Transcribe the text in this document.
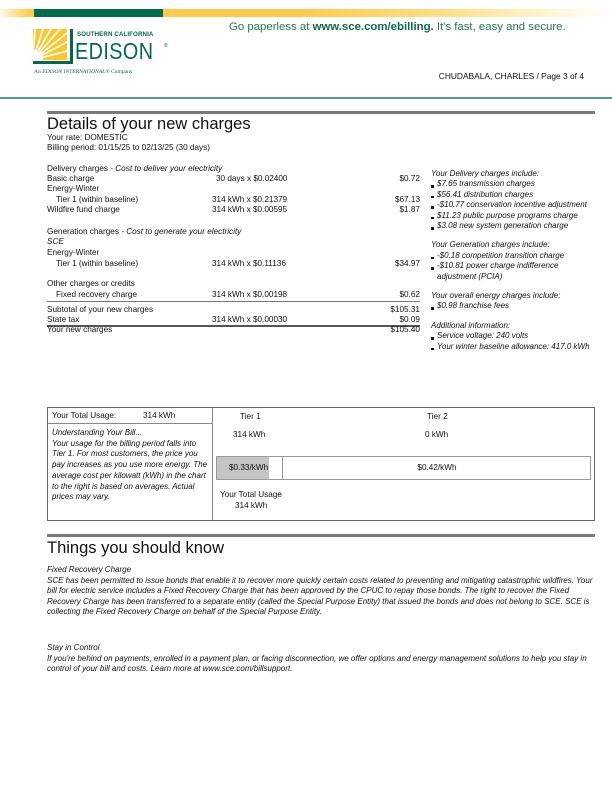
SOUTHERN CALIFORNIA
EDISON ®
An EDISON INTERNATIONAL® Company
Go paperless at www.sce.com/ebilling. It's fast, easy and secure.
CHUDABALA, CHARLES / Page 3 of 4
Details of your new charges
Your rate: DOMESTIC
Billing period: 01/15/25 to 02/13/25 (30 days)
Delivery charges - Cost to deliver your electricity
Basic charge	30 days x $0.02400	$0.72
Energy-Winter
Tier 1 (within baseline)	314 kWh x $0.21379	$67.13
Wildfire fund charge	314 kWh x $0.00595	$1.87
Generation charges - Cost to generate your electricity
SCE
Energy-Winter
Tier 1 (within baseline)	314 kWh x $0.11136	$34.97
Other charges or credits
Fixed recovery charge	314 kWh x $0.00198	$0.62
Subtotal of your new charges	$105.31
State tax	314 kWh x $0.00030	$0.09
Your new charges	$105.40
Your Delivery charges include:
$7.65 transmission charges
$56.41 distribution charges
-$10.77 conservation incentive adjustment
$11.23 public purpose programs charge
$3.08 new system generation charge
Your Generation charges include:
-$0.18 competition transition charge
-$10.81 power charge indifference adjustment (PCIA)
Your overall energy charges include:
$0.98 franchise fees
Additional information:
Service voltage: 240 volts
Your winter baseline allowance: 417.0 kWh
Your Total Usage:	314 kWh
Understanding Your Bill...
Your usage for the billing period falls into Tier 1. For most customers, the price you pay increases as you use more energy. The average cost per kilowatt (kWh) in the chart to the right is based on averages. Actual prices may vary.
Tier 1	Tier 2
314 kWh	0 kWh
$0.33/kWh	$0.42/kWh
Your Total Usage
314 kWh
Things you should know
Fixed Recovery Charge
SCE has been permitted to issue bonds that enable it to recover more quickly certain costs related to preventing and mitigating catastrophic wildfires. Your bill for electric service includes a Fixed Recovery Charge that has been approved by the CPUC to repay those bonds. The right to recover the Fixed Recovery Charge has been transferred to a separate entity (called the Special Purpose Entity) that issued the bonds and does not belong to SCE. SCE is collecting the Fixed Recovery Charge on behalf of the Special Purpose Entity.
Stay in Control
If you're behind on payments, enrolled in a payment plan, or facing disconnection, we offer options and energy management solutions to help you stay in control of your bill and costs. Learn more at www.sce.com/billsupport.
